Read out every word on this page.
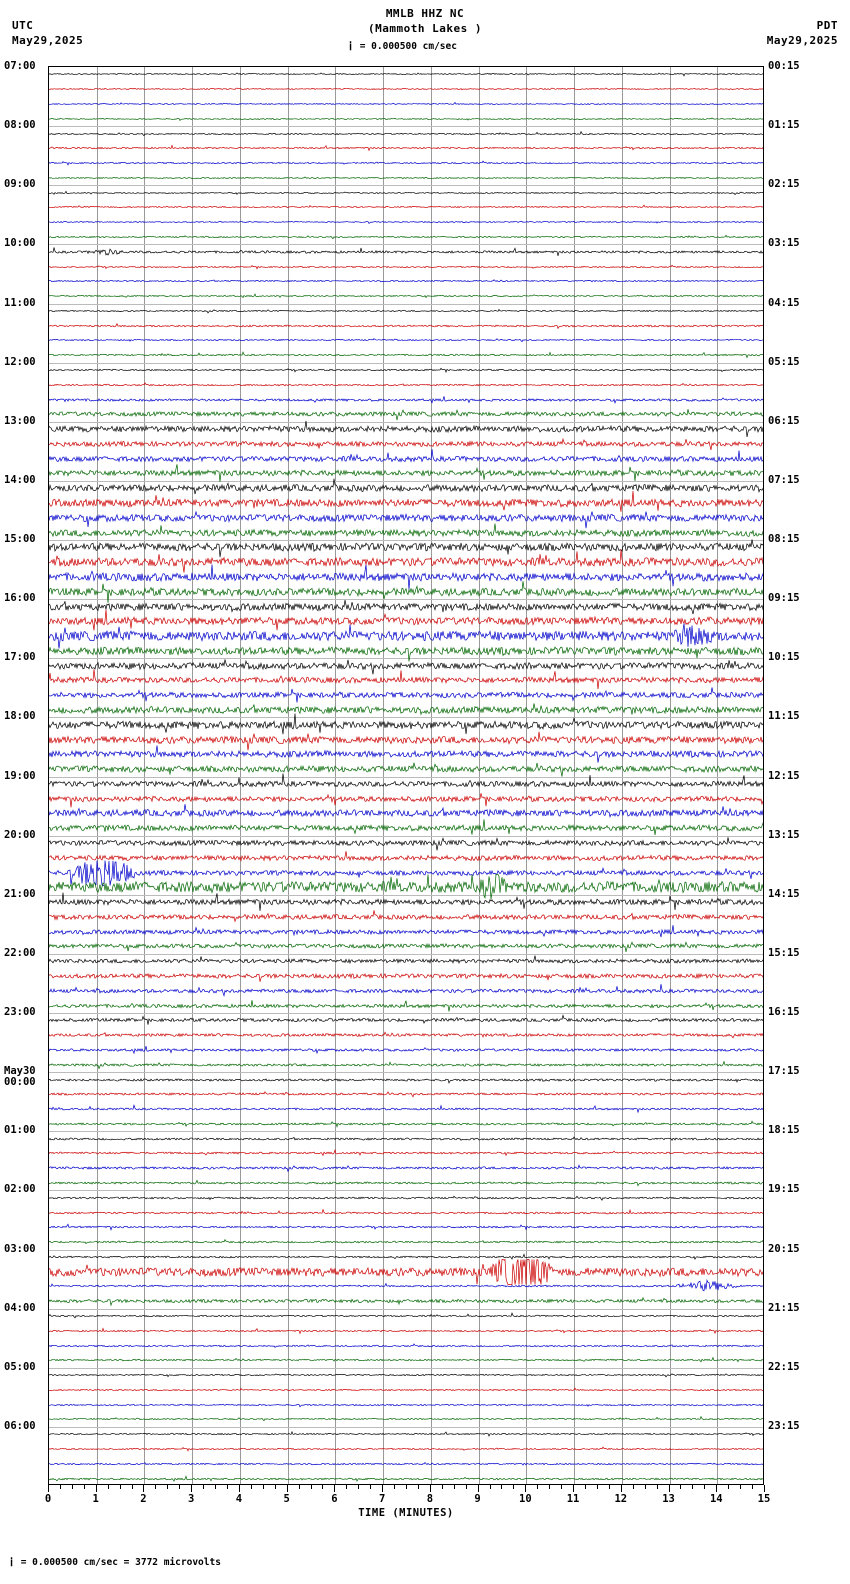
UTC
May29,2025
MMLB HHZ NC
(Mammoth Lakes )
ⅰ = 0.000500 cm/sec
PDT
May29,2025
07:00
08:00
09:00
10:00
11:00
12:00
13:00
14:00
15:00
16:00
17:00
18:00
19:00
20:00
21:00
22:00
23:00
May30
00:00
01:00
02:00
03:00
04:00
05:00
06:00
00:15
01:15
02:15
03:15
04:15
05:15
06:15
07:15
08:15
09:15
10:15
11:15
12:15
13:15
14:15
15:15
16:15
17:15
18:15
19:15
20:15
21:15
22:15
23:15
0	1	2	3	4	5	6	7	8	9	10	11	12	13	14	15
TIME (MINUTES)
ⅰ = 0.000500 cm/sec = 3772 microvolts
